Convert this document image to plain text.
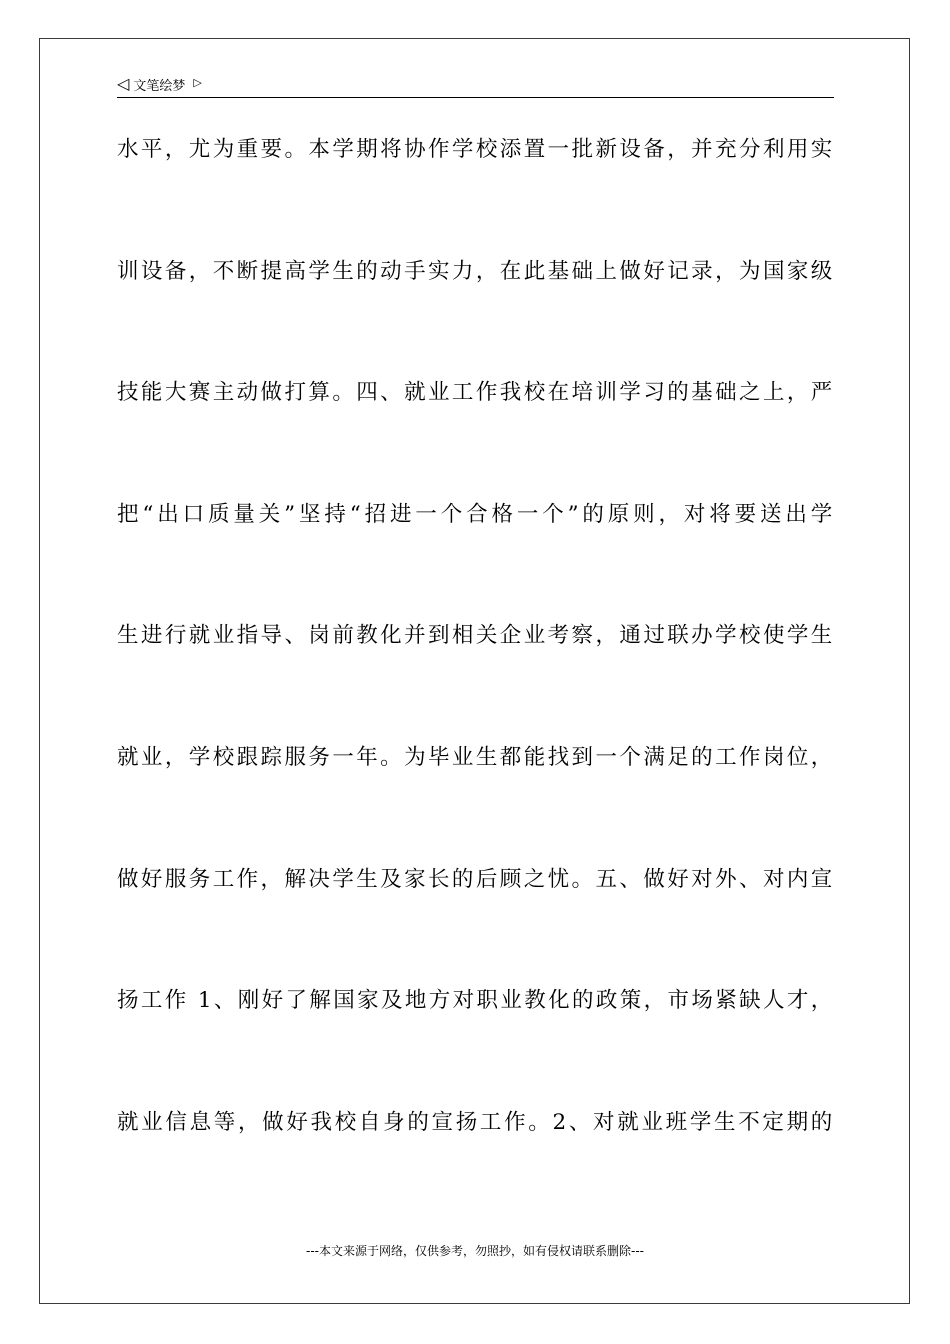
◁ 文笔绘梦 ▷
水平，尤为重要。本学期将协作学校添置一批新设备，并充分利用实
训设备，不断提高学生的动手实力，在此基础上做好记录，为国家级
技能大赛主动做打算。四、就业工作我校在培训学习的基础之上，严
把“出口质量关”坚持“招进一个合格一个”的原则，对将要送出学
生进行就业指导、岗前教化并到相关企业考察，通过联办学校使学生
就业，学校跟踪服务一年。为毕业生都能找到一个满足的工作岗位，
做好服务工作，解决学生及家长的后顾之忧。五、做好对外、对内宣
扬工作 1、刚好了解国家及地方对职业教化的政策，市场紧缺人才，
就业信息等，做好我校自身的宣扬工作。2、对就业班学生不定期的
---本文来源于网络，仅供参考，勿照抄，如有侵权请联系删除---
